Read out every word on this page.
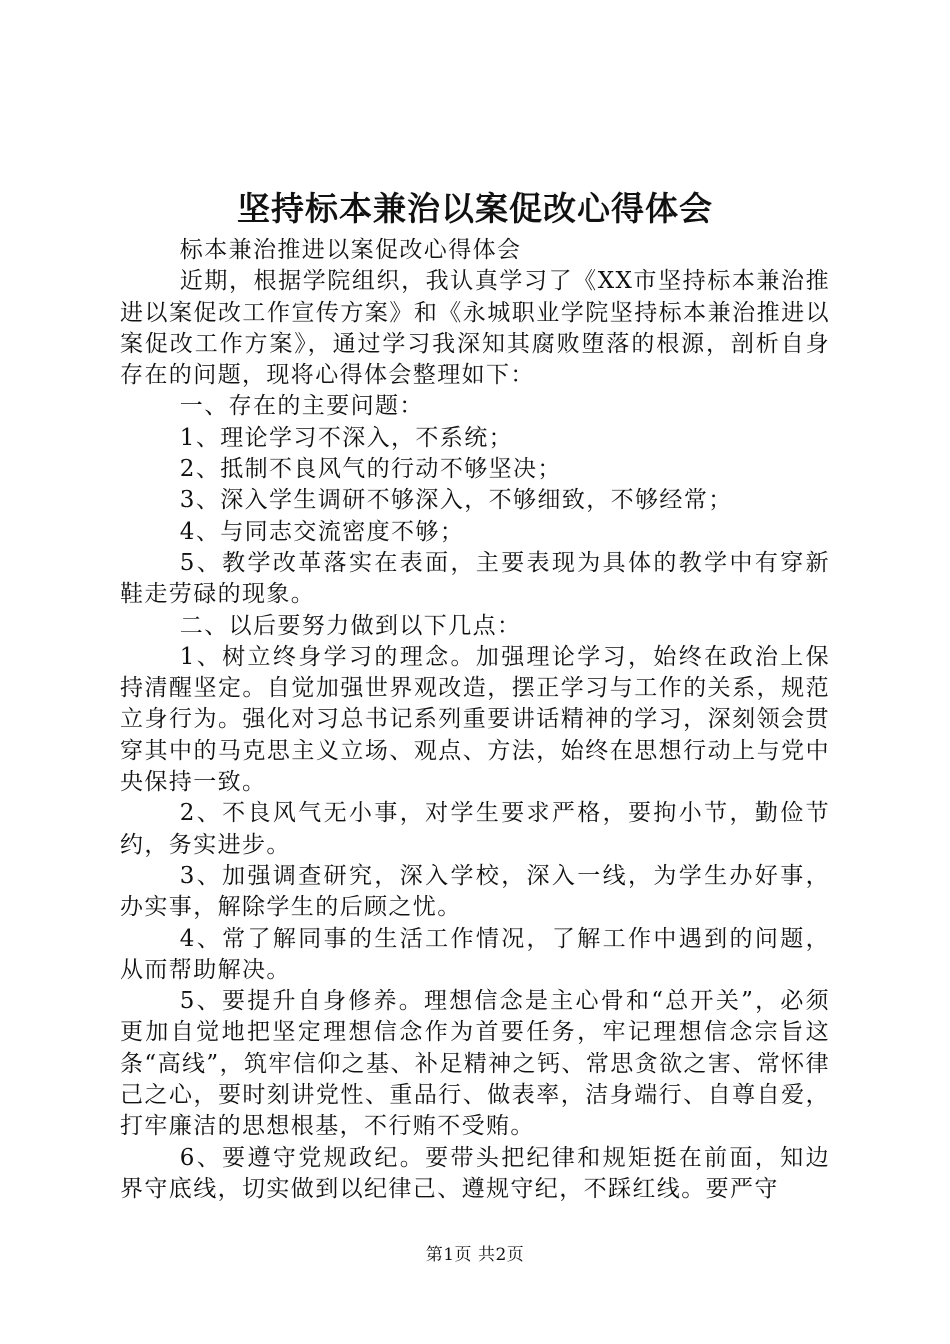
坚持标本兼治以案促改心得体会

标本兼治推进以案促改心得体会

近期，根据学院组织，我认真学习了《XX市坚持标本兼治推进以案促改工作宣传方案》和《永城职业学院坚持标本兼治推进以案促改工作方案》，通过学习我深知其腐败堕落的根源，剖析自身存在的问题，现将心得体会整理如下：

一、存在的主要问题：

1、理论学习不深入，不系统；

2、抵制不良风气的行动不够坚决；

3、深入学生调研不够深入，不够细致，不够经常；

4、与同志交流密度不够；

5、教学改革落实在表面，主要表现为具体的教学中有穿新鞋走劳碌的现象。

二、以后要努力做到以下几点：

1、树立终身学习的理念。加强理论学习，始终在政治上保持清醒坚定。自觉加强世界观改造，摆正学习与工作的关系，规范立身行为。强化对习总书记系列重要讲话精神的学习，深刻领会贯穿其中的马克思主义立场、观点、方法，始终在思想行动上与党中央保持一致。

2、不良风气无小事，对学生要求严格，要拘小节，勤俭节约，务实进步。

3、加强调查研究，深入学校，深入一线，为学生办好事，办实事，解除学生的后顾之忧。

4、常了解同事的生活工作情况，了解工作中遇到的问题，从而帮助解决。

5、要提升自身修养。理想信念是主心骨和“总开关”，必须更加自觉地把坚定理想信念作为首要任务，牢记理想信念宗旨这条“高线”，筑牢信仰之基、补足精神之钙、常思贪欲之害、常怀律己之心，要时刻讲党性、重品行、做表率，洁身端行、自尊自爱，打牢廉洁的思想根基，不行贿不受贿。

6、要遵守党规政纪。要带头把纪律和规矩挺在前面，知边界守底线，切实做到以纪律己、遵规守纪，不踩红线。要严守

第1页 共2页
